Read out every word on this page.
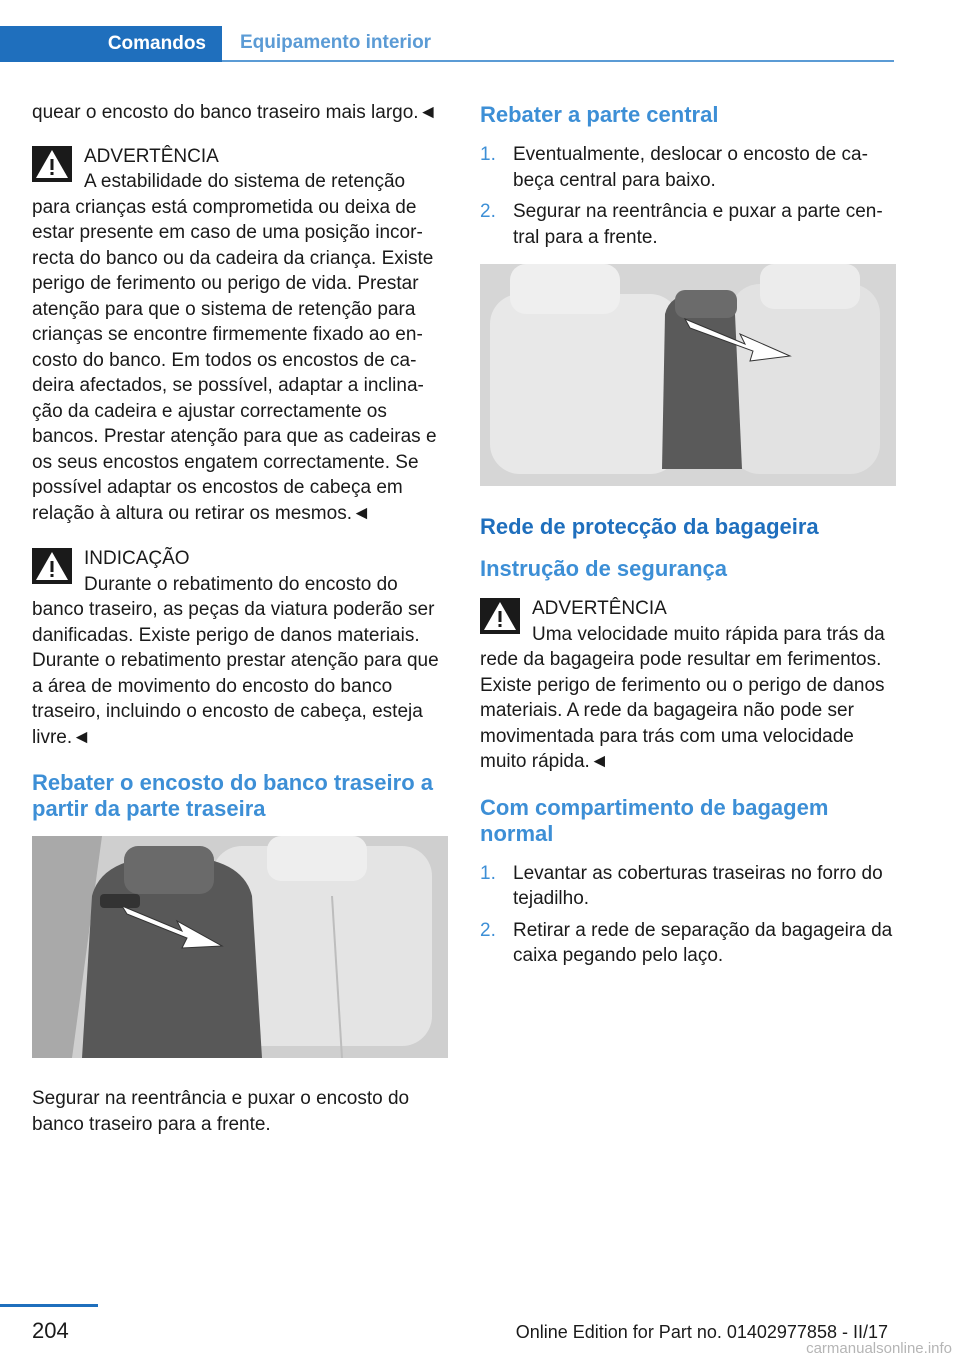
Comandos Equipamento interior

quear o encosto do banco traseiro mais largo.◄

ADVERTÊNCIA
A estabilidade do sistema de retenção
para crianças está comprometida ou deixa de estar presente em caso de uma posição incorrecta do banco ou da cadeira da criança. Existe perigo de ferimento ou perigo de vida. Prestar atenção para que o sistema de retenção para crianças se encontre firmemente fixado ao encosto do banco. Em todos os encostos de cadeira afectados, se possível, adaptar a inclinação da cadeira e ajustar correctamente os bancos. Prestar atenção para que as cadeiras e os seus encostos engatem correctamente. Se possível adaptar os encostos de cabeça em relação à altura ou retirar os mesmos.◄
INDICAÇÃO
Durante o rebatimento do encosto do
banco traseiro, as peças da viatura poderão ser danificadas. Existe perigo de danos materiais. Durante o rebatimento prestar atenção para que a área de movimento do encosto do banco traseiro, incluindo o encosto de cabeça, esteja livre.◄
Rebater o encosto do banco traseiro a partir da parte traseira

Segurar na reentrância e puxar o encosto do banco traseiro para a frente.

Rebater a parte central
1. Eventualmente, deslocar o encosto de cabeça central para baixo.
2. Segurar na reentrância e puxar a parte central para a frente.
Rede de protecção da bagageira
Instrução de segurança
ADVERTÊNCIA
Uma velocidade muito rápida para trás da
rede da bagageira pode resultar em ferimentos. Existe perigo de ferimento ou o perigo de danos materiais. A rede da bagageira não pode ser movimentada para trás com uma velocidade muito rápida.◄
Com compartimento de bagagem normal
1. Levantar as coberturas traseiras no forro do tejadilho.
2. Retirar a rede de separação da bagageira da caixa pegando pelo laço.
204	Online Edition for Part no. 01402977858 - II/17
carmanualsonline.info
